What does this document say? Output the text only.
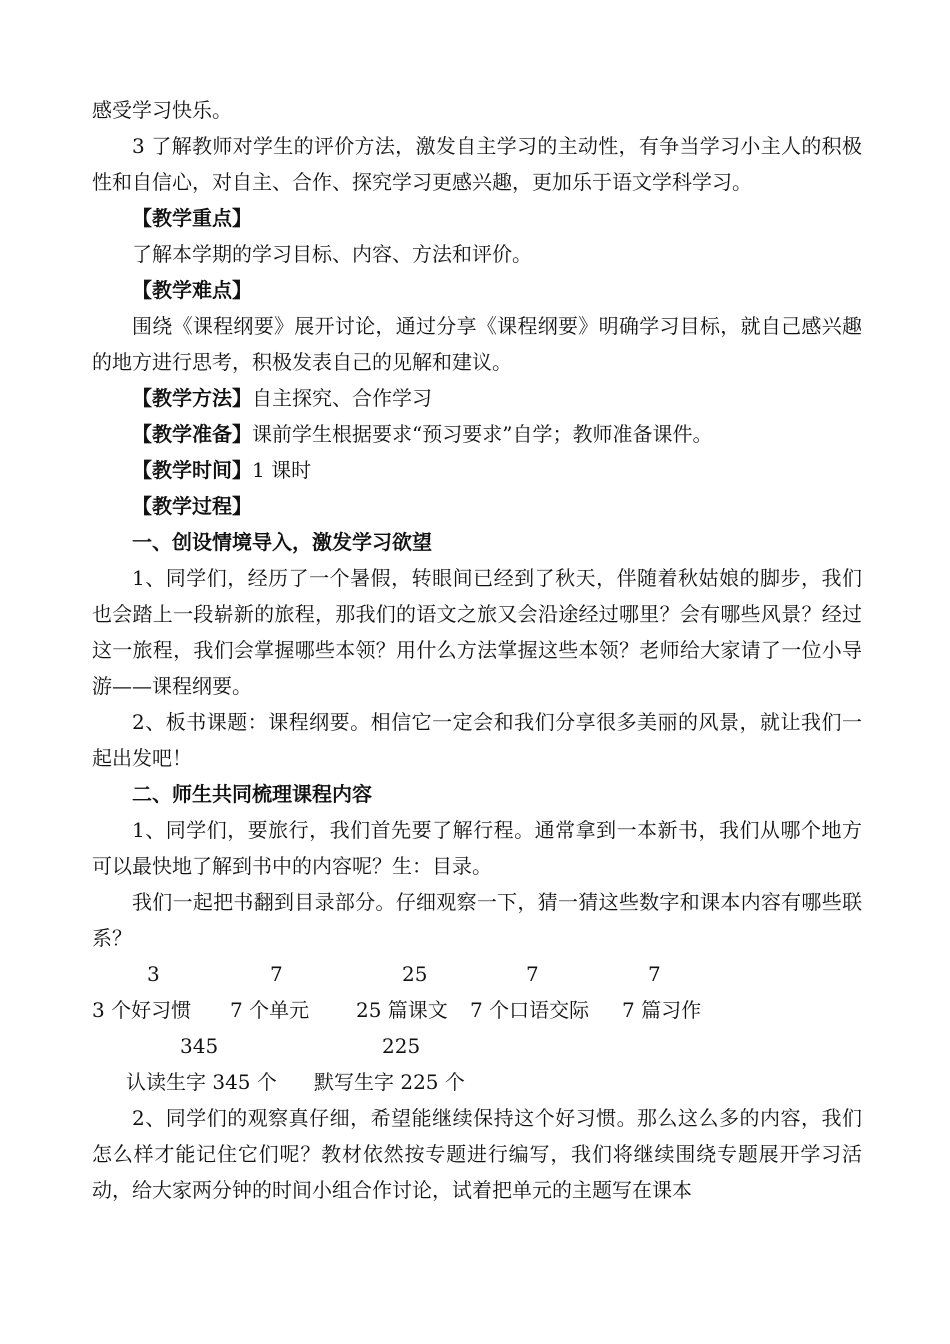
感受学习快乐。

3 了解教师对学生的评价方法，激发自主学习的主动性，有争当学习小主人的积极性和自信心，对自主、合作、探究学习更感兴趣，更加乐于语文学科学习。

【教学重点】

了解本学期的学习目标、内容、方法和评价。

【教学难点】

围绕《课程纲要》展开讨论，通过分享《课程纲要》明确学习目标，就自己感兴趣的地方进行思考，积极发表自己的见解和建议。

【教学方法】自主探究、合作学习

【教学准备】课前学生根据要求“预习要求”自学；教师准备课件。

【教学时间】1 课时

【教学过程】

一、创设情境导入，激发学习欲望

1、同学们，经历了一个暑假，转眼间已经到了秋天，伴随着秋姑娘的脚步，我们也会踏上一段崭新的旅程，那我们的语文之旅又会沿途经过哪里？会有哪些风景？经过这一旅程，我们会掌握哪些本领？用什么方法掌握这些本领？老师给大家请了一位小导游——课程纲要。

2、板书课题：课程纲要。相信它一定会和我们分享很多美丽的风景，就让我们一起出发吧！

二、师生共同梳理课程内容

1、同学们，要旅行，我们首先要了解行程。通常拿到一本新书，我们从哪个地方可以最快地了解到书中的内容呢？生：目录。

我们一起把书翻到目录部分。仔细观察一下，猜一猜这些数字和课本内容有哪些联系？

3	7	25	7	7
3 个好习惯 7 个单元 25 篇课文 7 个口语交际 7 篇习作
345	225
认读生字 345 个 默写生字 225 个

2、同学们的观察真仔细，希望能继续保持这个好习惯。那么这么多的内容，我们怎么样才能记住它们呢？教材依然按专题进行编写，我们将继续围绕专题展开学习活动，给大家两分钟的时间小组合作讨论，试着把单元的主题写在课本
